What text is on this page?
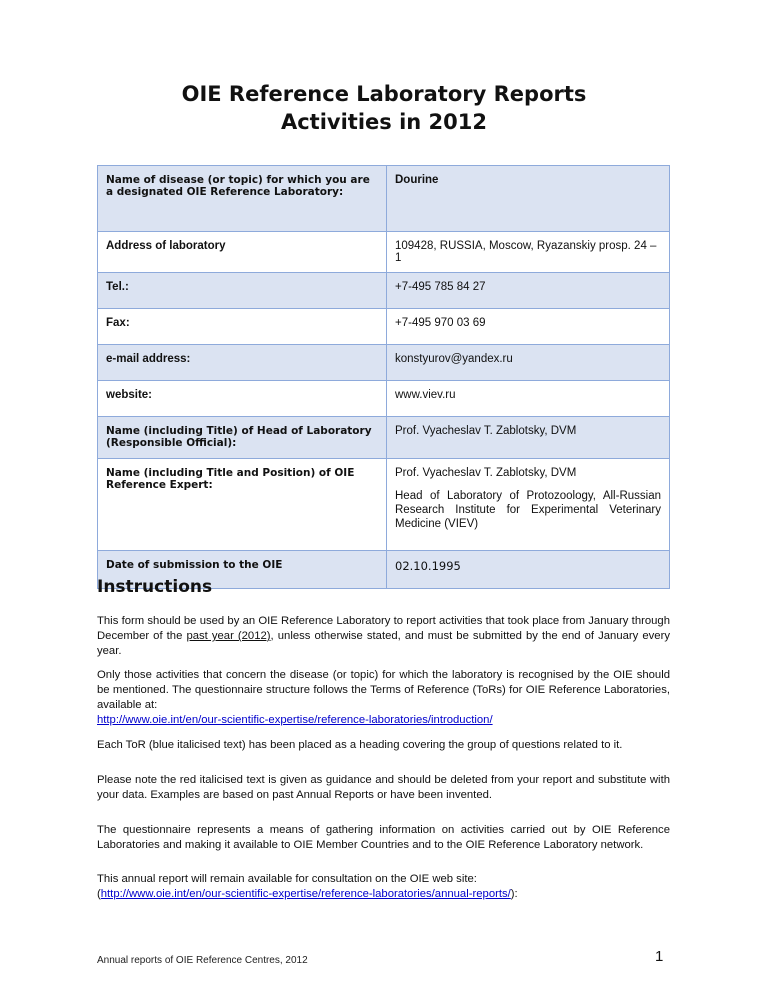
OIE Reference Laboratory Reports
Activities in 2012
Name of disease (or topic) for which you are a designated OIE Reference Laboratory:	Dourine
Address of laboratory	109428, RUSSIA, Moscow, Ryazanskiy prosp. 24 – 1
Tel.:	+7-495 785 84 27
Fax:	+7-495 970 03 69
e-mail address:	konstyurov@yandex.ru
website:	www.viev.ru
Name (including Title) of Head of Laboratory (Responsible Official):	Prof. Vyacheslav T. Zablotsky, DVM
Name (including Title and Position) of OIE Reference Expert:	Prof. Vyacheslav T. Zablotsky, DVM
Head of Laboratory of Protozoology, All-Russian Research Institute for Experimental Veterinary Medicine (VIEV)

Date of submission to the OIE	02.10.1995
Instructions
This form should be used by an OIE Reference Laboratory to report activities that took place from January through December of the past year (2012), unless otherwise stated, and must be submitted by the end of January every year.
Only those activities that concern the disease (or topic) for which the laboratory is recognised by the OIE should be mentioned. The questionnaire structure follows the Terms of Reference (ToRs) for OIE Reference Laboratories, available at:
http://www.oie.int/en/our-scientific-expertise/reference-laboratories/introduction/
Each ToR (blue italicised text) has been placed as a heading covering the group of questions related to it.
Please note the red italicised text is given as guidance and should be deleted from your report and substitute with your data. Examples are based on past Annual Reports or have been invented.
The questionnaire represents a means of gathering information on activities carried out by OIE Reference Laboratories and making it available to OIE Member Countries and to the OIE Reference Laboratory network.
This annual report will remain available for consultation on the OIE web site:
(http://www.oie.int/en/our-scientific-expertise/reference-laboratories/annual-reports/):
Annual reports of OIE Reference Centres, 2012	1
